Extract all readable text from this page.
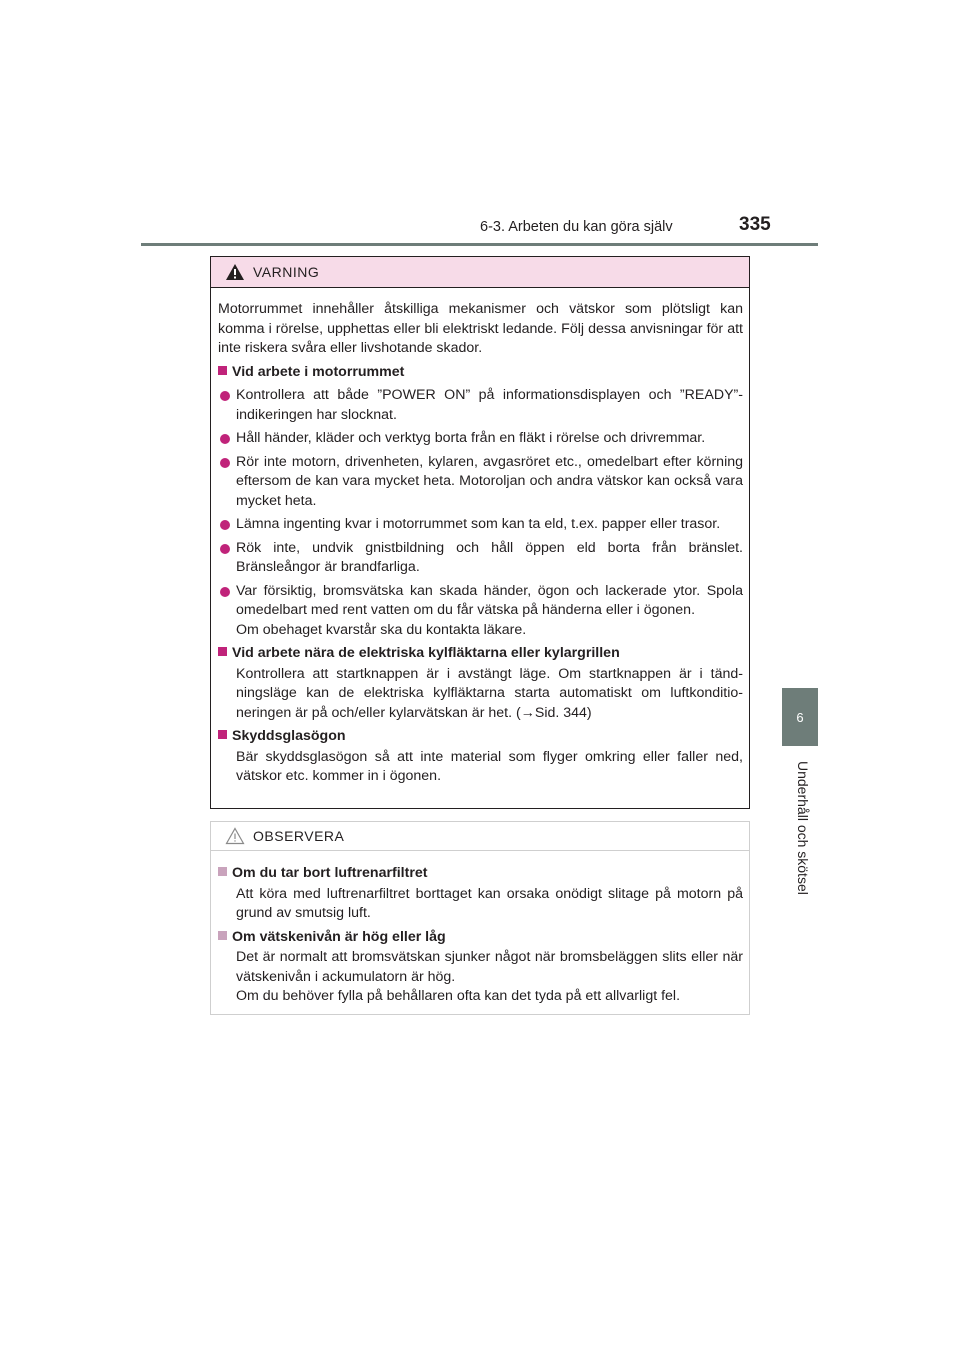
6-3. Arbeten du kan göra själv	335
6
Underhåll och skötsel
VARNING

Motorrummet innehåller åtskilliga mekanismer och vätskor som plötsligt kan komma i rörelse, upphettas eller bli elektriskt ledande. Följ dessa anvisningar för att inte riskera svåra eller livshotande skador.

Vid arbete i motorrummet
Kontrollera att både ”POWER ON” på informationsdisplayen och ”READY”-indikeringen har slocknat.
Håll händer, kläder och verktyg borta från en fläkt i rörelse och drivremmar.
Rör inte motorn, drivenheten, kylaren, avgasröret etc., omedelbart efter körning eftersom de kan vara mycket heta. Motoroljan och andra vätskor kan också vara mycket heta.
Lämna ingenting kvar i motorrummet som kan ta eld, t.ex. papper eller trasor.
Rök inte, undvik gnistbildning och håll öppen eld borta från bränslet. Bränsleångor är brandfarliga.
Var försiktig, bromsvätska kan skada händer, ögon och lackerade ytor. Spola omedelbart med rent vatten om du får vätska på händerna eller i ögonen.
Om obehaget kvarstår ska du kontakta läkare.
Vid arbete nära de elektriska kylfläktarna eller kylargrillen
Kontrollera att startknappen är i avstängt läge. Om startknappen är i tänd-ningsläge kan de elektriska kylfläktarna starta automatiskt om luftkonditio-neringen är på och/eller kylarvätskan är het. (→Sid. 344)
Skyddsglasögon
Bär skyddsglasögon så att inte material som flyger omkring eller faller ned, vätskor etc. kommer in i ögonen.
OBSERVERA
Om du tar bort luftrenarfiltret
Att köra med luftrenarfiltret borttaget kan orsaka onödigt slitage på motorn på grund av smutsig luft.
Om vätskenivån är hög eller låg
Det är normalt att bromsvätskan sjunker något när bromsbeläggen slits eller när vätskenivån i ackumulatorn är hög.
Om du behöver fylla på behållaren ofta kan det tyda på ett allvarligt fel.
